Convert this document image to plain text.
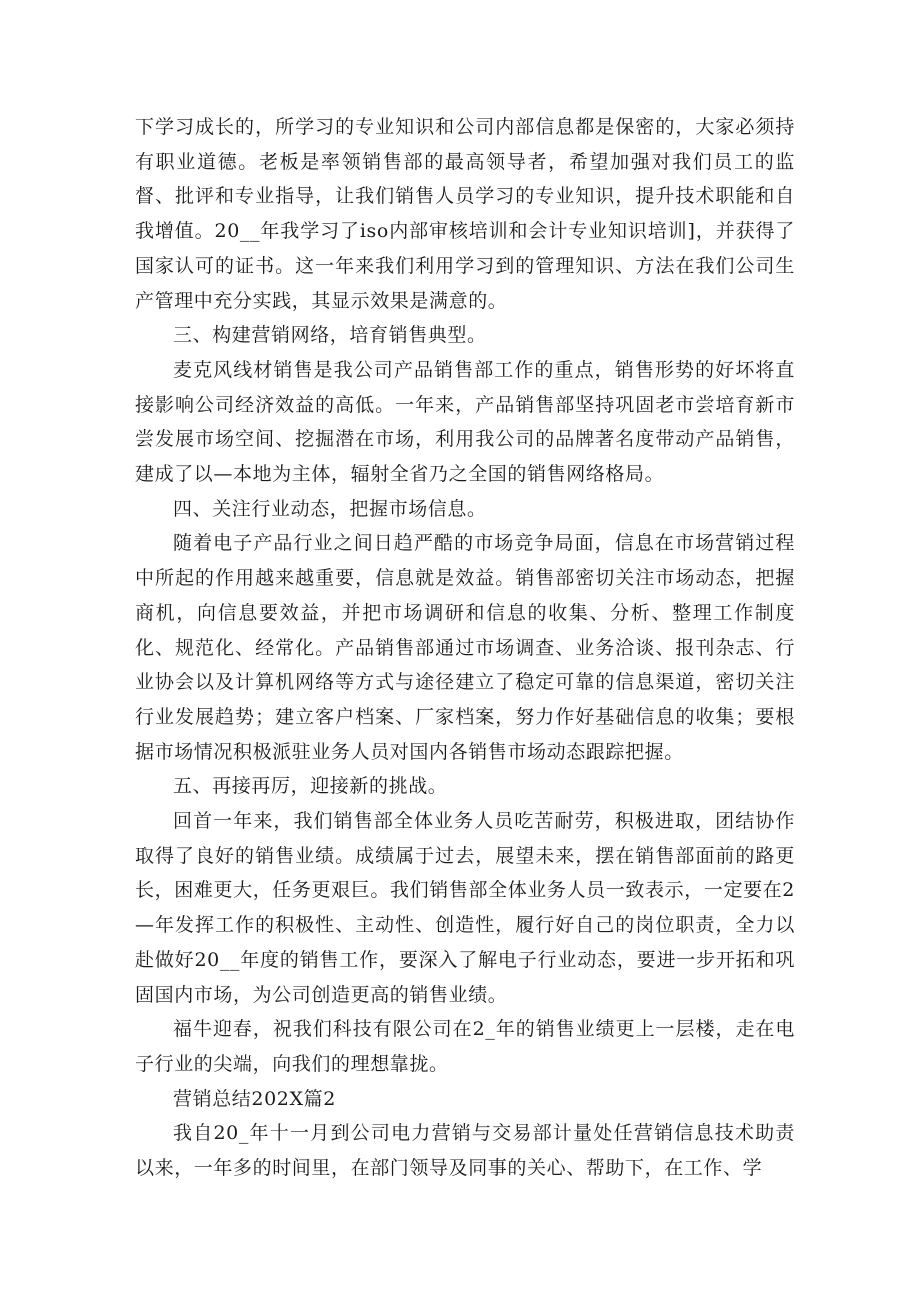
下学习成长的，所学习的专业知识和公司内部信息都是保密的，大家必须持有职业道德。老板是率领销售部的最高领导者，希望加强对我们员工的监督、批评和专业指导，让我们销售人员学习的专业知识，提升技术职能和自我增值。20__年我学习了iso内部审核培训和会计专业知识培训]，并获得了国家认可的证书。这一年来我们利用学习到的管理知识、方法在我们公司生产管理中充分实践，其显示效果是满意的。

三、构建营销网络，培育销售典型。

麦克风线材销售是我公司产品销售部工作的重点，销售形势的好坏将直接影响公司经济效益的高低。一年来，产品销售部坚持巩固老市尝培育新市尝发展市场空间、挖掘潜在市场，利用我公司的品牌著名度带动产品销售，建成了以—本地为主体，辐射全省乃之全国的销售网络格局。

四、关注行业动态，把握市场信息。

随着电子产品行业之间日趋严酷的市场竞争局面，信息在市场营销过程中所起的作用越来越重要，信息就是效益。销售部密切关注市场动态，把握商机，向信息要效益，并把市场调研和信息的收集、分析、整理工作制度化、规范化、经常化。产品销售部通过市场调查、业务洽谈、报刊杂志、行业协会以及计算机网络等方式与途径建立了稳定可靠的信息渠道，密切关注行业发展趋势；建立客户档案、厂家档案，努力作好基础信息的收集；要根据市场情况积极派驻业务人员对国内各销售市场动态跟踪把握。

五、再接再厉，迎接新的挑战。

回首一年来，我们销售部全体业务人员吃苦耐劳，积极进取，团结协作取得了良好的销售业绩。成绩属于过去，展望未来，摆在销售部面前的路更长，困难更大，任务更艰巨。我们销售部全体业务人员一致表示，一定要在2—年发挥工作的积极性、主动性、创造性，履行好自己的岗位职责，全力以赴做好20__年度的销售工作，要深入了解电子行业动态，要进一步开拓和巩固国内市场，为公司创造更高的销售业绩。

福牛迎春，祝我们科技有限公司在2_年的销售业绩更上一层楼，走在电子行业的尖端，向我们的理想靠拢。

营销总结202X篇2

我自20_年十一月到公司电力营销与交易部计量处任营销信息技术助责以来，一年多的时间里，在部门领导及同事的关心、帮助下，在工作、学
